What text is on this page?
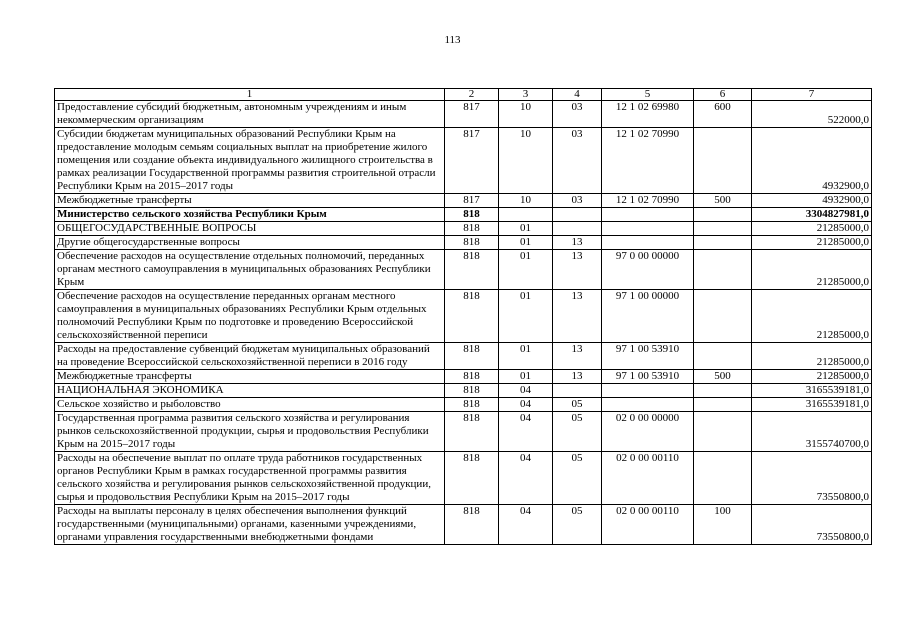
113
1	2	3	4	5	6	7
Предоставление субсидий бюджетным, автономным учреждениям и иным некоммерческим организациям	817	10	03	12 1 02 69980	600	522000,0
Субсидии бюджетам муниципальных образований Республики Крым на предоставление молодым семьям социальных выплат на приобретение жилого помещения или создание объекта индивидуального жилищного строительства в рамках реализации Государственной программы развития строительной отрасли Республики Крым на 2015–2017 годы	817	10	03	12 1 02 70990		4932900,0
Межбюджетные трансферты	817	10	03	12 1 02 70990	500	4932900,0
Министерство сельского хозяйства Республики Крым	818					3304827981,0
ОБЩЕГОСУДАРСТВЕННЫЕ ВОПРОСЫ	818	01				21285000,0
Другие общегосударственные вопросы	818	01	13			21285000,0
Обеспечение расходов на осуществление отдельных полномочий, переданных органам местного самоуправления в муниципальных образованиях Республики Крым	818	01	13	97 0 00 00000		21285000,0
Обеспечение расходов на осуществление переданных органам местного самоуправления в муниципальных образованиях Республики Крым отдельных полномочий Республики Крым по подготовке и проведению Всероссийской сельскохозяйственной переписи	818	01	13	97 1 00 00000		21285000,0
Расходы на предоставление субвенций бюджетам муниципальных образований на проведение Всероссийской сельскохозяйственной переписи в 2016 году	818	01	13	97 1 00 53910		21285000,0
Межбюджетные трансферты	818	01	13	97 1 00 53910	500	21285000,0
НАЦИОНАЛЬНАЯ ЭКОНОМИКА	818	04				3165539181,0
Сельское хозяйство и рыболовство	818	04	05			3165539181,0
Государственная программа развития сельского хозяйства и регулирования рынков сельскохозяйственной продукции, сырья и продовольствия Республики Крым на 2015–2017 годы	818	04	05	02 0 00 00000		3155740700,0
Расходы на обеспечение выплат по оплате труда работников государственных органов Республики Крым в рамках государственной программы развития сельского хозяйства и регулирования рынков сельскохозяйственной продукции, сырья и продовольствия Республики Крым на 2015–2017 годы	818	04	05	02 0 00 00110		73550800,0
Расходы на выплаты персоналу в целях обеспечения выполнения функций государственными (муниципальными) органами, казенными учреждениями, органами управления государственными внебюджетными фондами	818	04	05	02 0 00 00110	100	73550800,0
